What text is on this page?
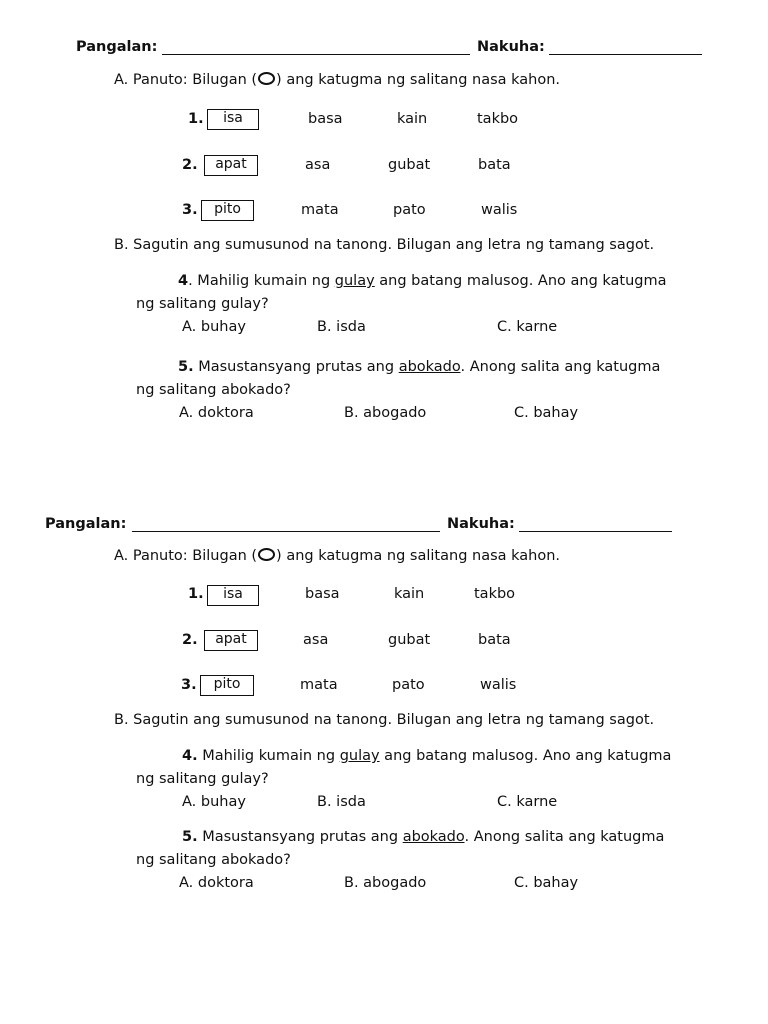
Pangalan:	Nakuha:
A. Panuto: Bilugan ( ) ang katugma ng salitang nasa kahon.
1.	isa	basa	kain	takbo
2.	apat	asa	gubat	bata
3.	pito	mata	pato	walis
B. Sagutin ang sumusunod na tanong. Bilugan ang letra ng tamang sagot.
4. Mahilig kumain ng gulay ang batang malusog. Ano ang katugma
ng salitang gulay?
A. buhay	B. isda	C. karne
5. Masustansyang prutas ang abokado. Anong salita ang katugma
ng salitang abokado?
A. doktora	B. abogado	C. bahay
Pangalan:	Nakuha:
A. Panuto: Bilugan ( ) ang katugma ng salitang nasa kahon.
1.	isa	basa	kain	takbo
2.	apat	asa	gubat	bata
3.	pito	mata	pato	walis
B. Sagutin ang sumusunod na tanong. Bilugan ang letra ng tamang sagot.
4. Mahilig kumain ng gulay ang batang malusog. Ano ang katugma
ng salitang gulay?
A. buhay	B. isda	C. karne
5. Masustansyang prutas ang abokado. Anong salita ang katugma
ng salitang abokado?
A. doktora	B. abogado	C. bahay
